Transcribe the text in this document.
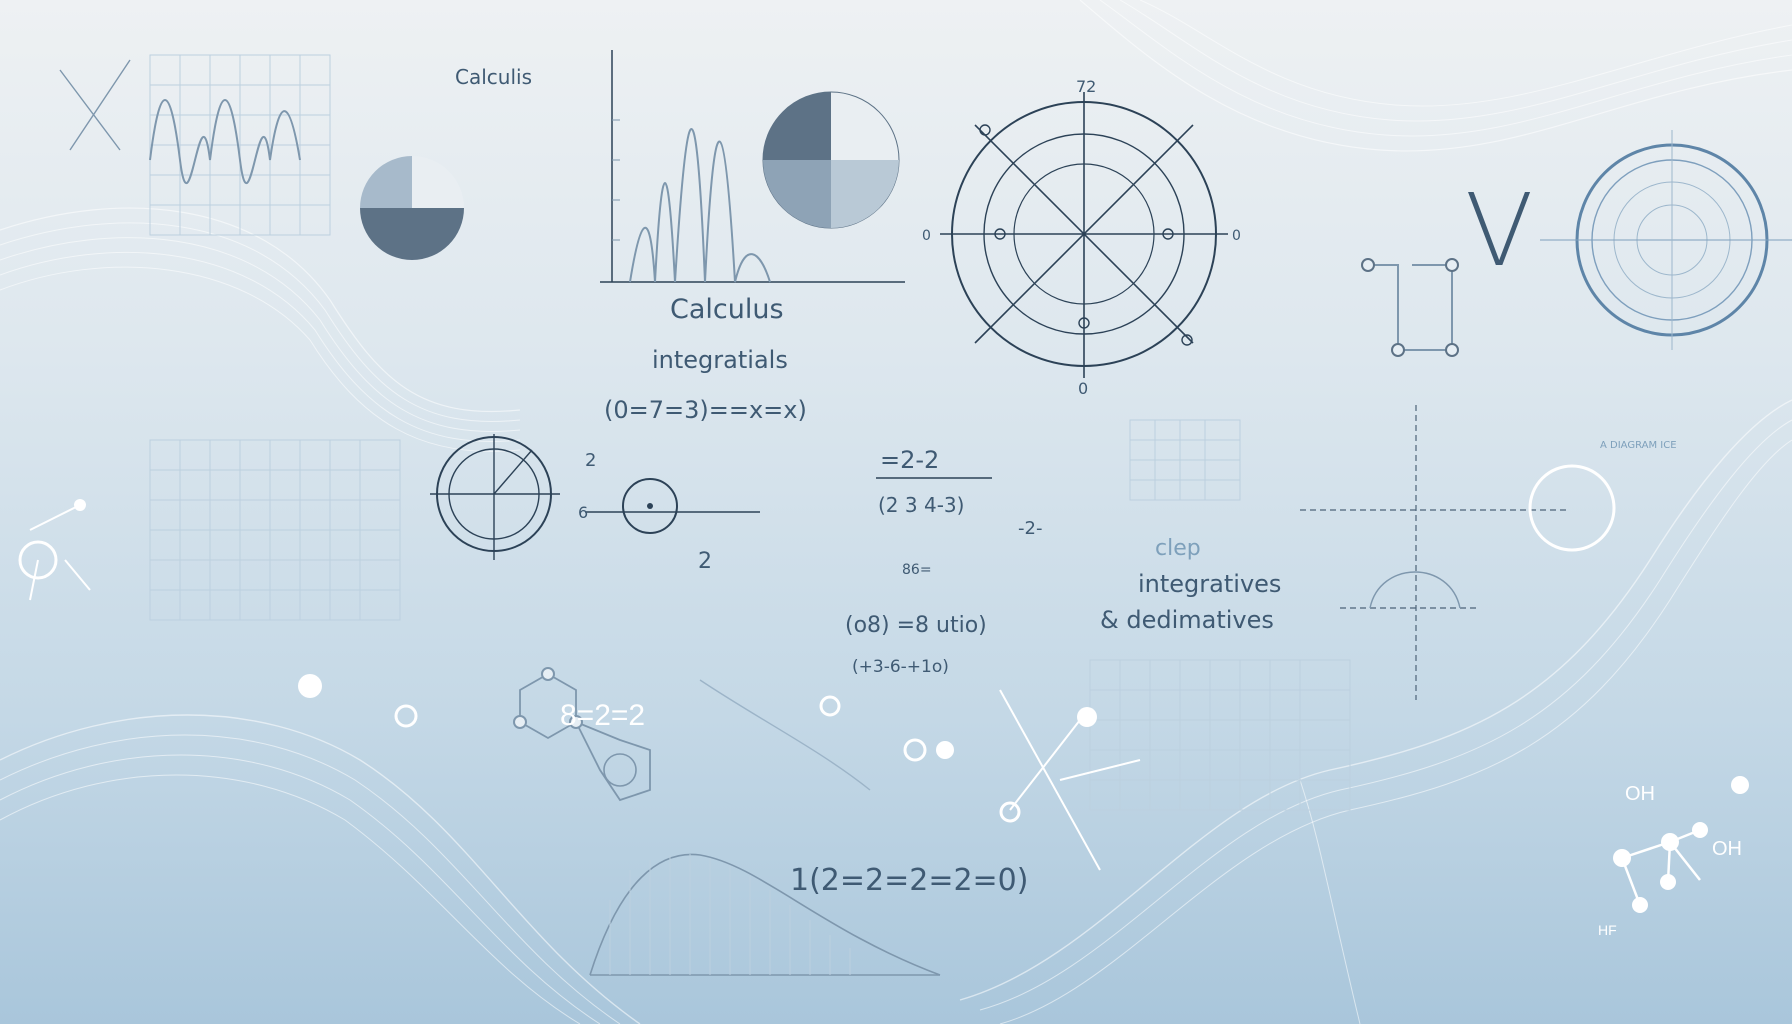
V
Calculis
Calculus
integratials
(0=7=3)==x=x)
=2-2
(2 3 4-3)
-2-
2
2
6
86=
(o8) =8 utio)
(+3-6-+1o)
clep
integratives
& dedimatives
8=2=2
1(2=2=2=2=0)
OH
OH
HF
72
0
0	0
A DIAGRAM ICE
